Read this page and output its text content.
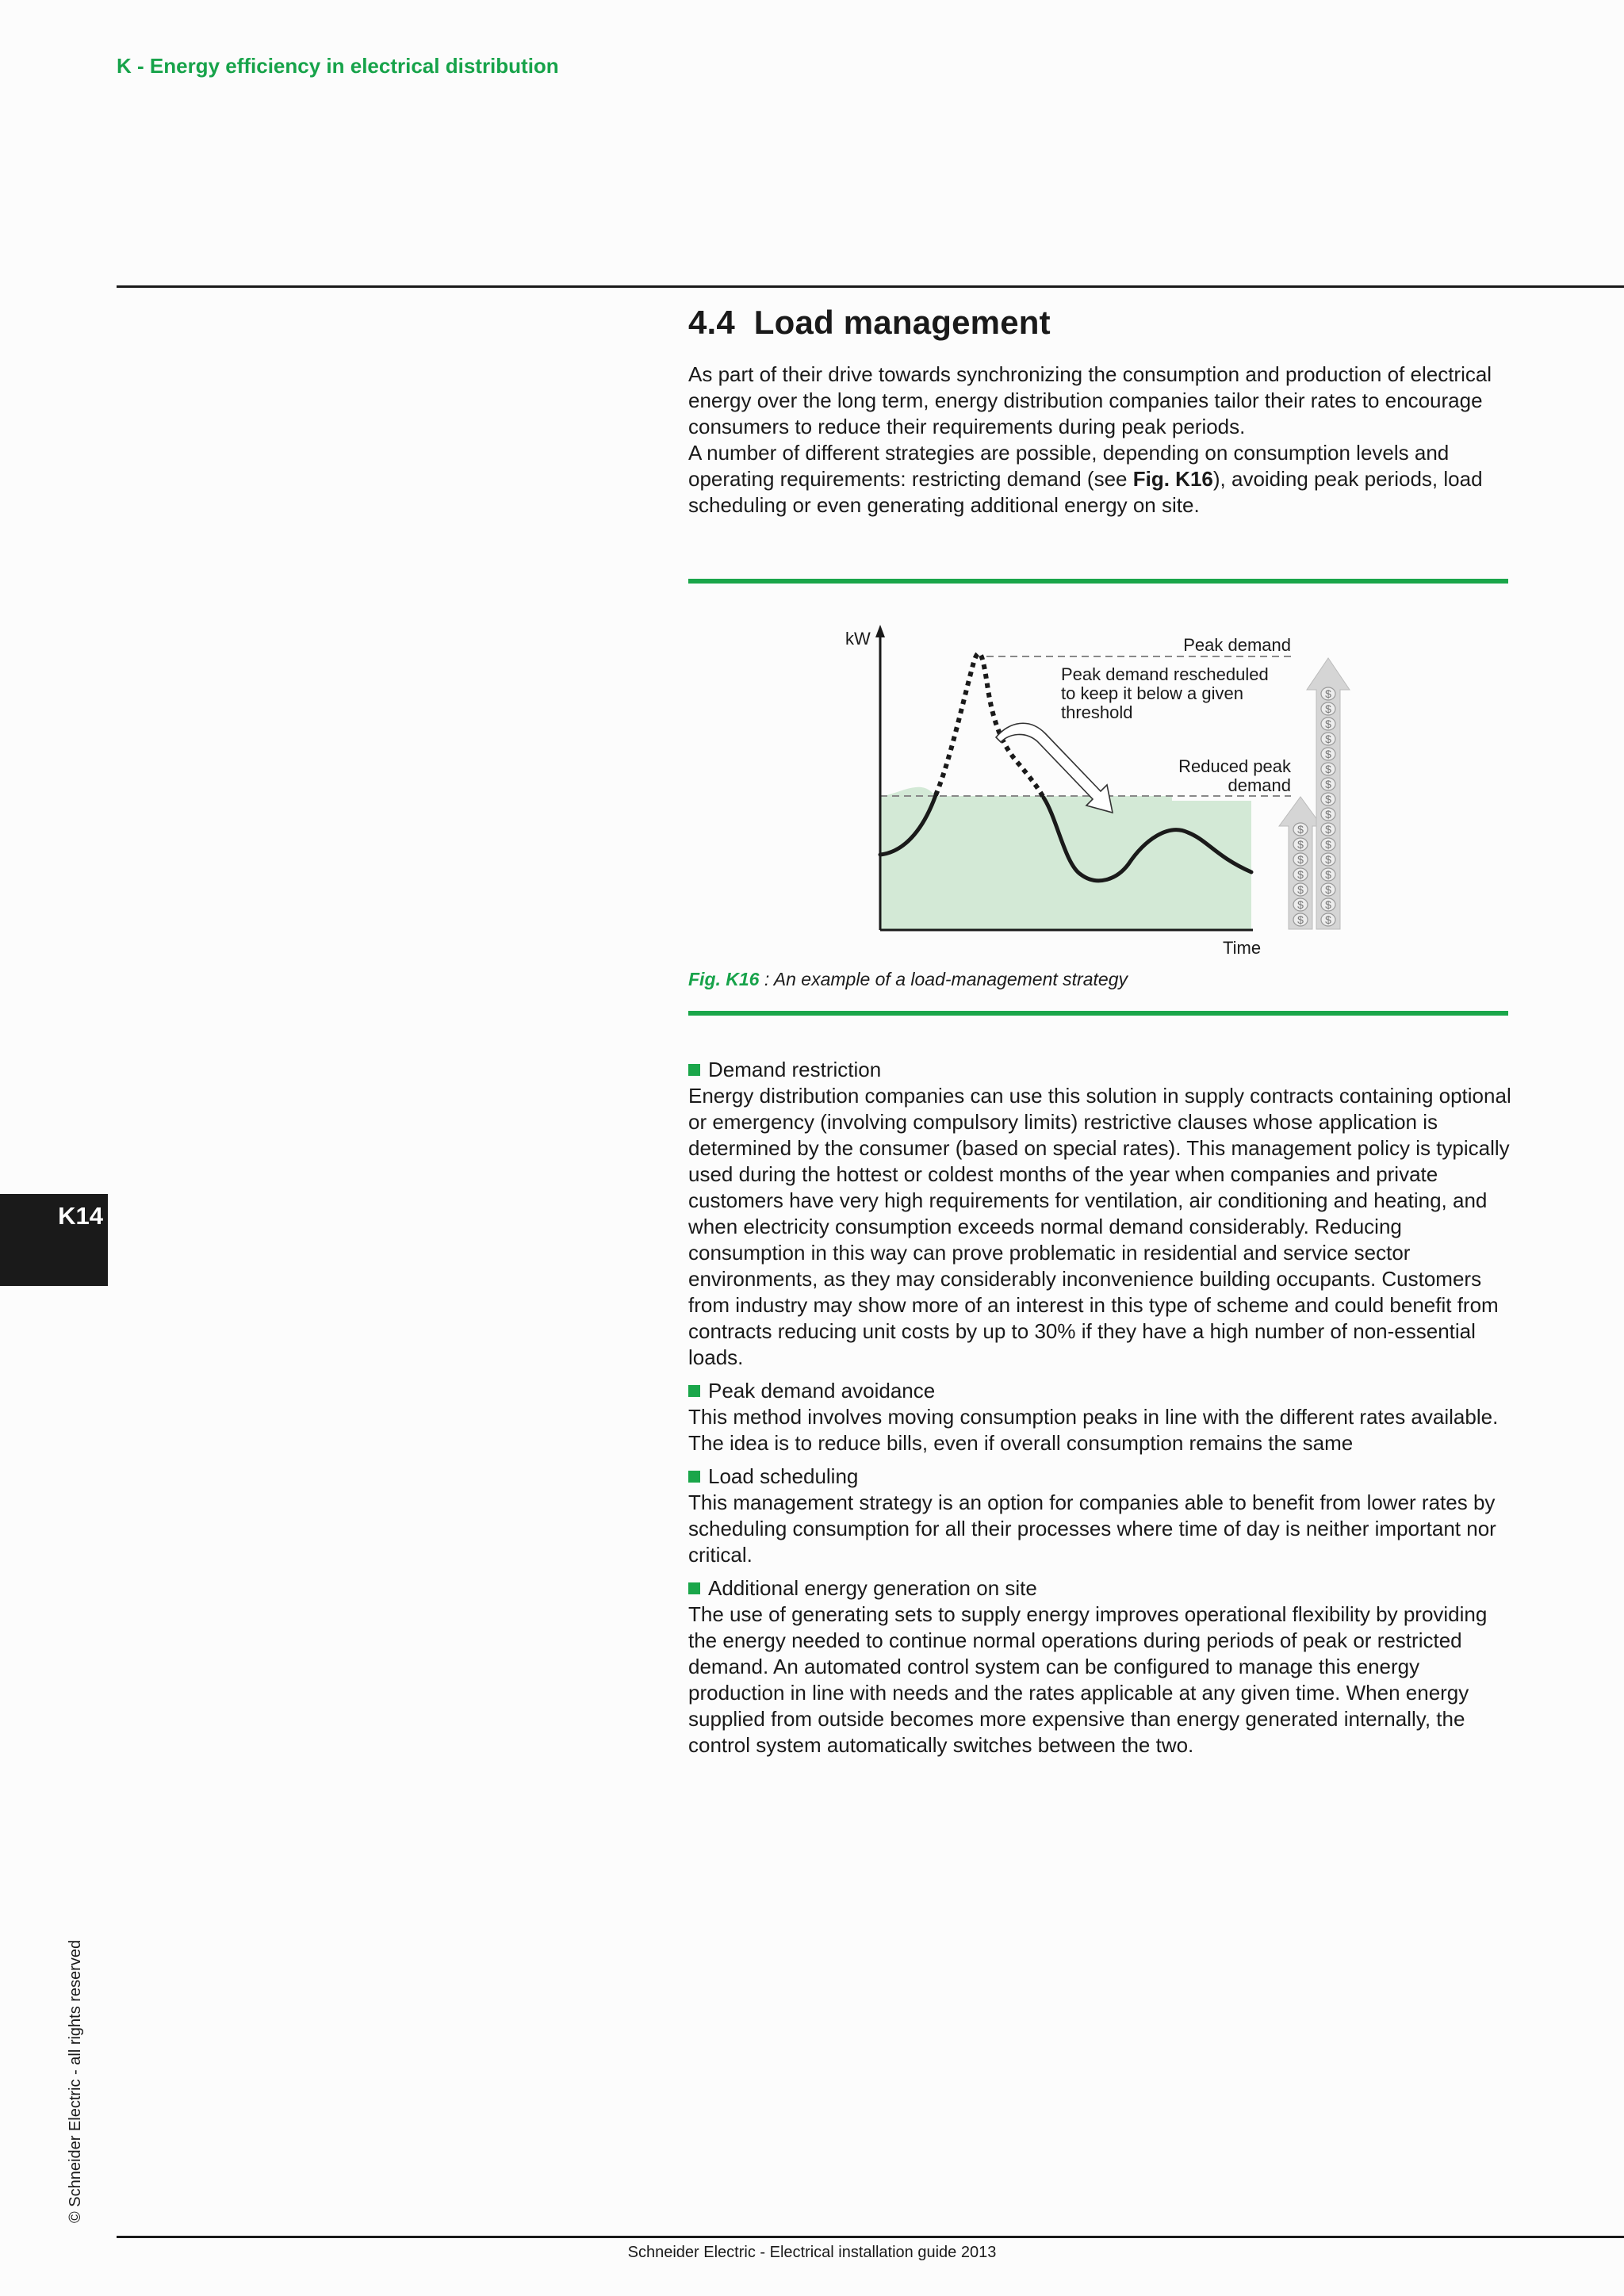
K - Energy efficiency in electrical distribution
4.4 Load management

As part of their drive towards synchronizing the consumption and production of electrical energy over the long term, energy distribution companies tailor their rates to encourage consumers to reduce their requirements during peak periods.

A number of different strategies are possible, depending on consumption levels and operating requirements: restricting demand (see Fig. K16), avoiding peak periods, load scheduling or even generating additional energy on site.

$
$
$
$
$
$
$
$
$
$
$
$
$
$
$
$
$
$
$
$
$
$
$
kW
Time
Peak demand
Peak demand rescheduled
to keep it below a given
threshold
Reduced peak
demand
Fig. K16 : An example of a load-management strategy
Demand restriction

Energy distribution companies can use this solution in supply contracts containing optional or emergency (involving compulsory limits) restrictive clauses whose application is determined by the consumer (based on special rates). This management policy is typically used during the hottest or coldest months of the year when companies and private customers have very high requirements for ventilation, air conditioning and heating, and when electricity consumption exceeds normal demand considerably. Reducing consumption in this way can prove problematic in residential and service sector environments, as they may considerably inconvenience building occupants. Customers from industry may show more of an interest in this type of scheme and could benefit from contracts reducing unit costs by up to 30% if they have a high number of non-essential loads.

Peak demand avoidance

This method involves moving consumption peaks in line with the different rates available. The idea is to reduce bills, even if overall consumption remains the same

Load scheduling

This management strategy is an option for companies able to benefit from lower rates by scheduling consumption for all their processes where time of day is neither important nor critical.

Additional energy generation on site

The use of generating sets to supply energy improves operational flexibility by providing the energy needed to continue normal operations during periods of peak or restricted demand. An automated control system can be configured to manage this energy production in line with needs and the rates applicable at any given time. When energy supplied from outside becomes more expensive than energy generated internally, the control system automatically switches between the two.

K14
© Schneider Electric - all rights reserved
Schneider Electric - Electrical installation guide 2013
